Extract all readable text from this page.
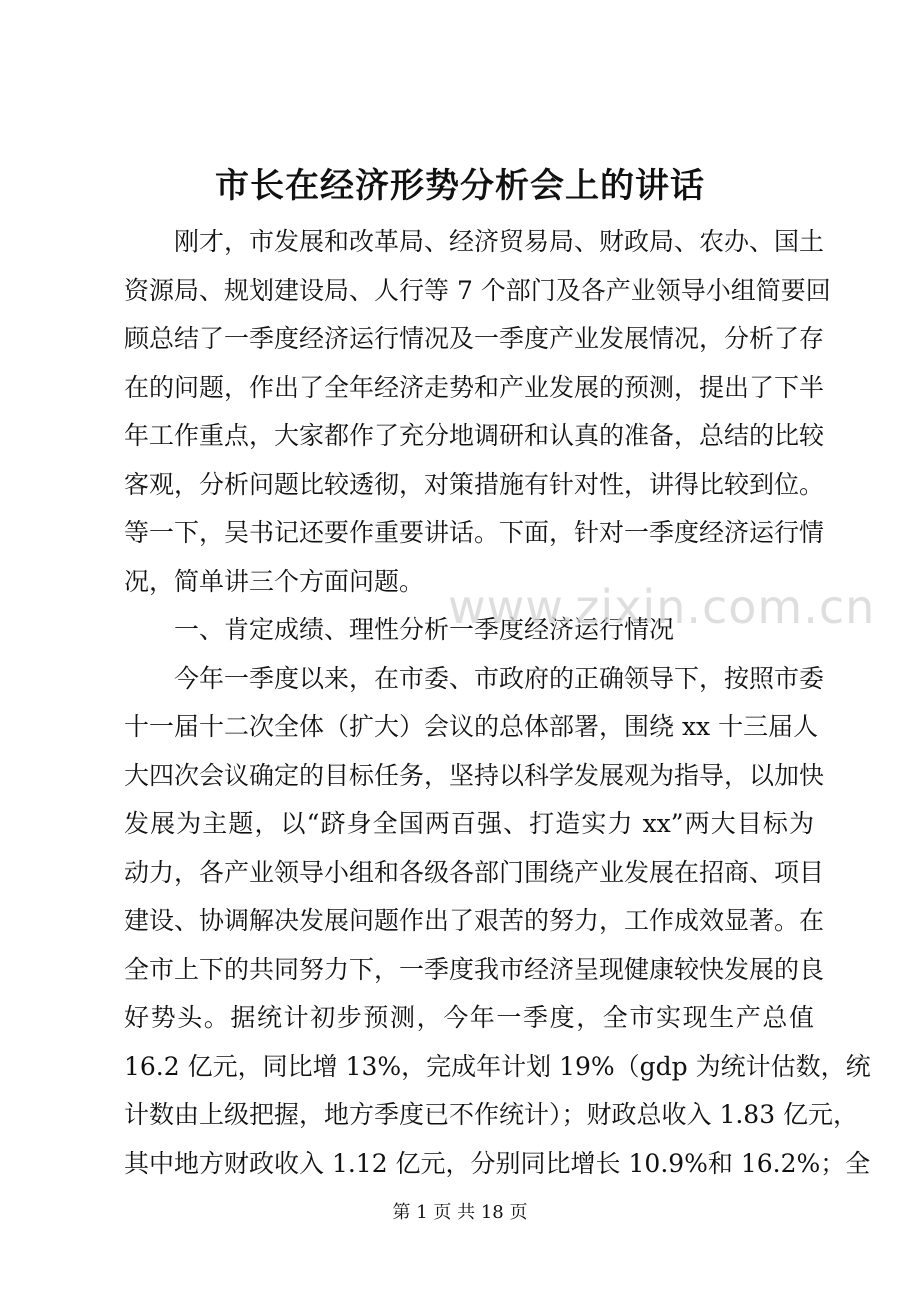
市长在经济形势分析会上的讲话
刚才，市发展和改革局、经济贸易局、财政局、农办、国土
资源局、规划建设局、人行等 7 个部门及各产业领导小组简要回
顾总结了一季度经济运行情况及一季度产业发展情况，分析了存
在的问题，作出了全年经济走势和产业发展的预测，提出了下半
年工作重点，大家都作了充分地调研和认真的准备，总结的比较
客观，分析问题比较透彻，对策措施有针对性，讲得比较到位。
等一下，吴书记还要作重要讲话。下面，针对一季度经济运行情
况，简单讲三个方面问题。
一、肯定成绩、理性分析一季度经济运行情况
今年一季度以来，在市委、市政府的正确领导下，按照市委
十一届十二次全体（扩大）会议的总体部署，围绕 xx 十三届人
大四次会议确定的目标任务，坚持以科学发展观为指导，以加快
发展为主题，以“跻身全国两百强、打造实力 xx”两大目标为
动力，各产业领导小组和各级各部门围绕产业发展在招商、项目
建设、协调解决发展问题作出了艰苦的努力，工作成效显著。在
全市上下的共同努力下，一季度我市经济呈现健康较快发展的良
好势头。据统计初步预测，今年一季度，全市实现生产总值
16.2 亿元，同比增 13%，完成年计划 19%（gdp 为统计估数，统
计数由上级把握，地方季度已不作统计）；财政总收入 1.83 亿元，
其中地方财政收入 1.12 亿元，分别同比增长 10.9%和 16.2%；全
www.zixin.com.cn
第 1 页 共 18 页
